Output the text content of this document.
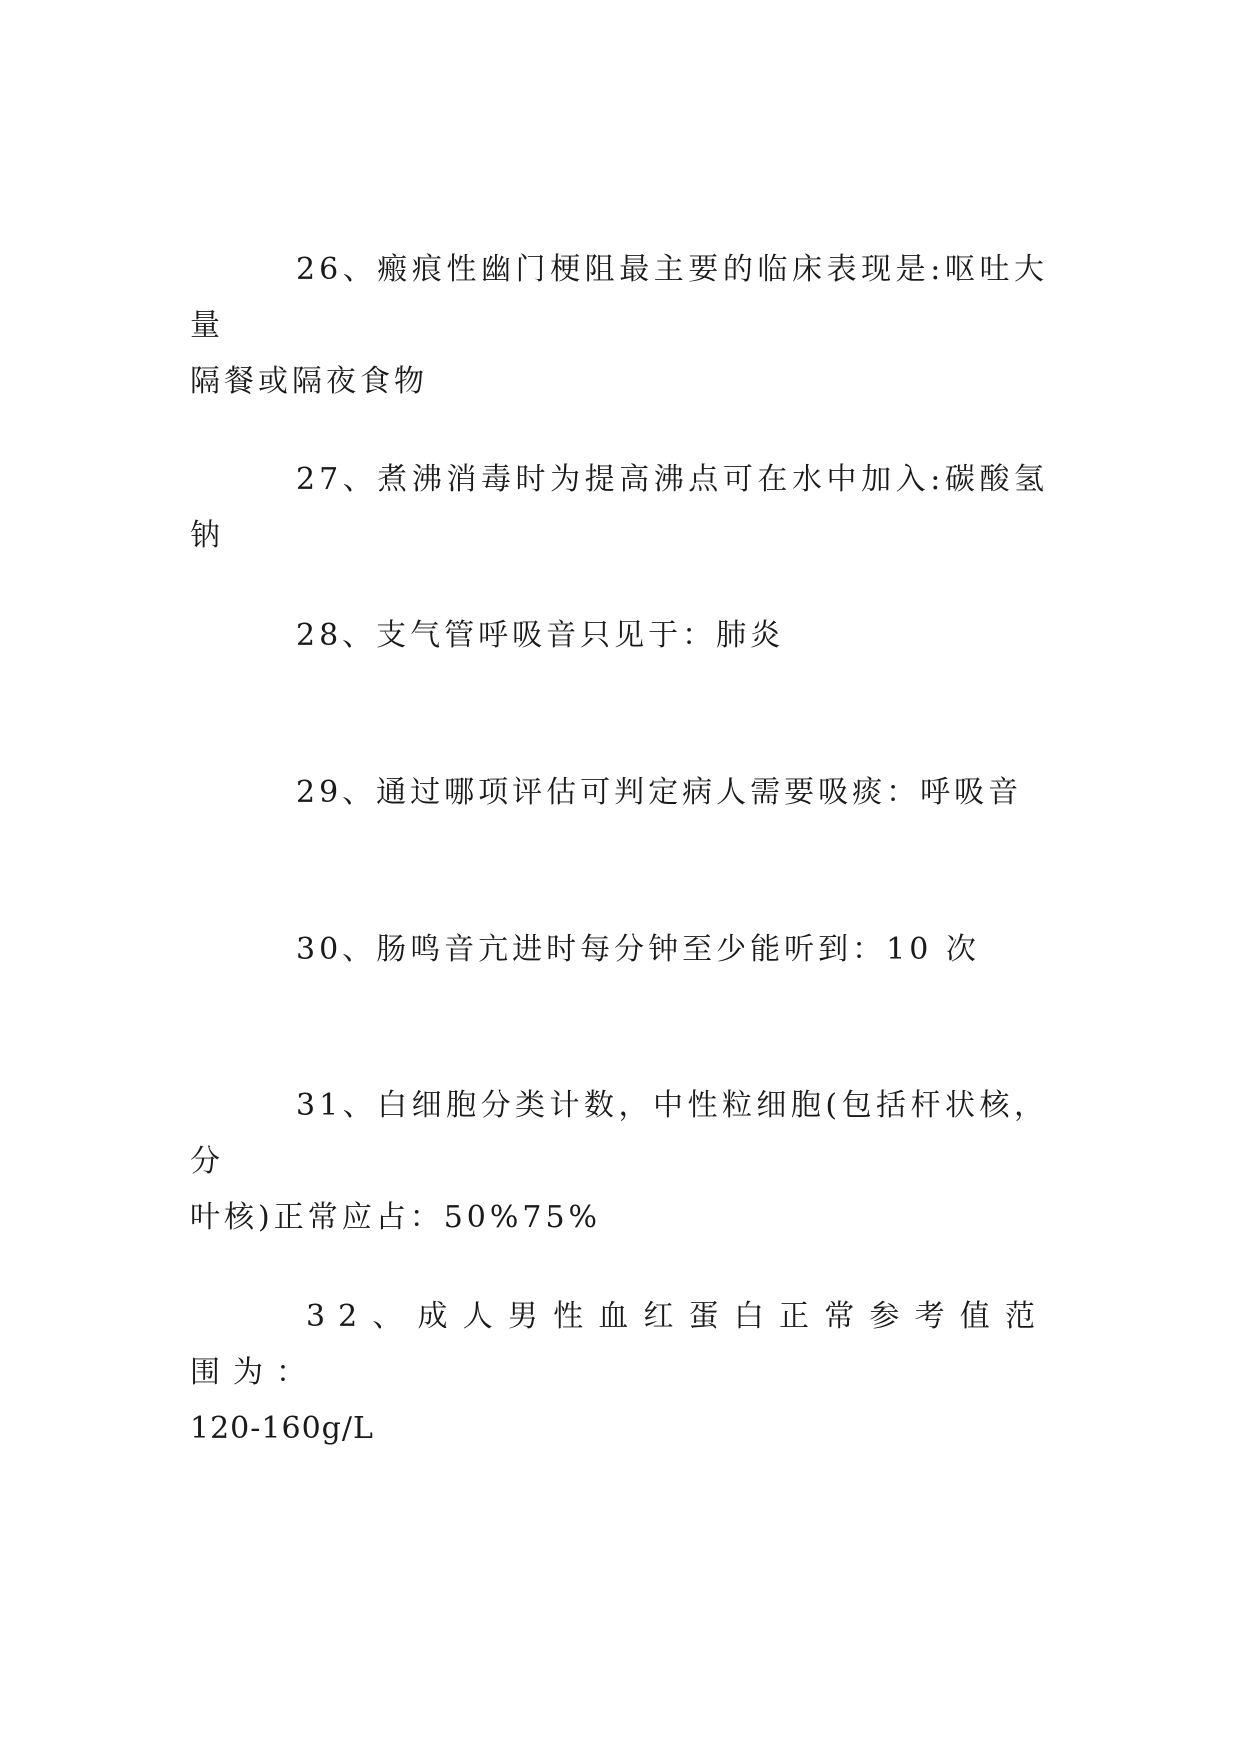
26、瘢痕性幽门梗阻最主要的临床表现是:呕吐大量
隔餐或隔夜食物
27、煮沸消毒时为提高沸点可在水中加入:碳酸氢钠
28、支气管呼吸音只见于：肺炎
29、通过哪项评估可判定病人需要吸痰：呼吸音
30、肠鸣音亢进时每分钟至少能听到：10 次
31、白细胞分类计数，中性粒细胞(包括杆状核，分
叶核)正常应占：50%75%
32、成人男性血红蛋白正常参考值范围为：
120-160g/L
